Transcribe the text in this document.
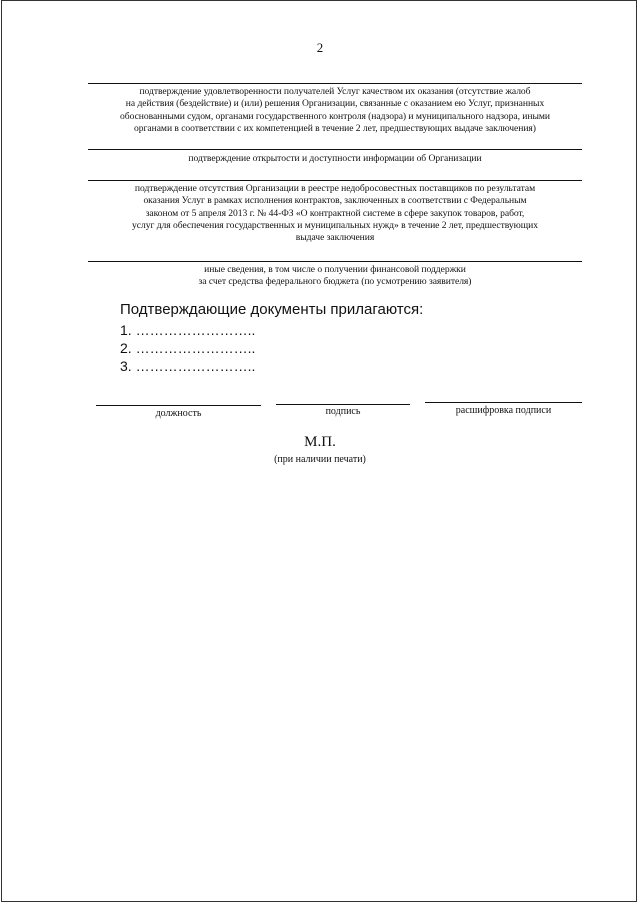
2
подтверждение удовлетворенности получателей Услуг качеством их оказания (отсутствие жалоб
на действия (бездействие) и (или) решения Организации, связанные с оказанием ею Услуг, признанных
обоснованными судом, органами государственного контроля (надзора) и муниципального надзора, иными
органами в соответствии с их компетенцией в течение 2 лет, предшествующих выдаче заключения)
подтверждение открытости и доступности информации об Организации
подтверждение отсутствия Организации в реестре недобросовестных поставщиков по результатам
оказания Услуг в рамках исполнения контрактов, заключенных в соответствии с Федеральным
законом от 5 апреля 2013 г. № 44-ФЗ «О контрактной системе в сфере закупок товаров, работ,
услуг для обеспечения государственных и муниципальных нужд» в течение 2 лет, предшествующих
выдаче заключения
иные сведения, в том числе о получении финансовой поддержки
за счет средства федерального бюджета (по усмотрению заявителя)
Подтверждающие документы прилагаются:
1. ……………………..
2. ……………………..
3. ……………………..
должность	подпись	расшифровка подписи
М.П.
(при наличии печати)
